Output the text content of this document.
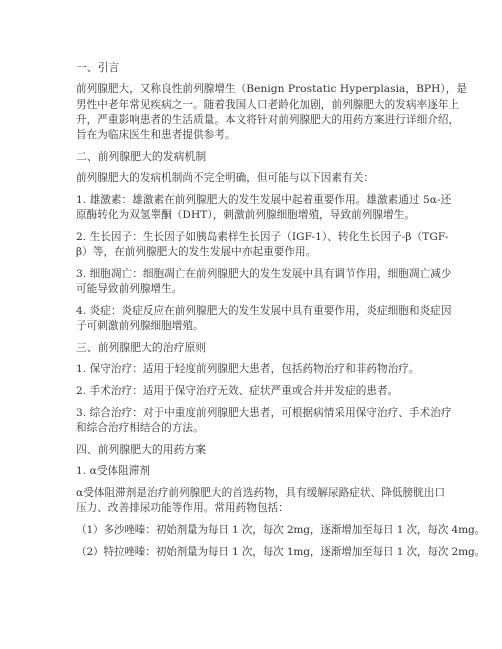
一、引言
前列腺肥大，又称良性前列腺增生（Benign Prostatic Hyperplasia，BPH），是
男性中老年常见疾病之一。随着我国人口老龄化加剧，前列腺肥大的发病率逐年上
升，严重影响患者的生活质量。本文将针对前列腺肥大的用药方案进行详细介绍，
旨在为临床医生和患者提供参考。
二、前列腺肥大的发病机制
前列腺肥大的发病机制尚不完全明确，但可能与以下因素有关：
1. 雄激素：雄激素在前列腺肥大的发生发展中起着重要作用。雄激素通过 5α-还
原酶转化为双氢睾酮（DHT），刺激前列腺细胞增殖，导致前列腺增生。
2. 生长因子：生长因子如胰岛素样生长因子（IGF-1）、转化生长因子-β（TGF-
β）等，在前列腺肥大的发生发展中亦起重要作用。
3. 细胞凋亡：细胞凋亡在前列腺肥大的发生发展中具有调节作用，细胞凋亡减少
可能导致前列腺增生。
4. 炎症：炎症反应在前列腺肥大的发生发展中具有重要作用，炎症细胞和炎症因
子可刺激前列腺细胞增殖。
三、前列腺肥大的治疗原则
1. 保守治疗：适用于轻度前列腺肥大患者，包括药物治疗和非药物治疗。
2. 手术治疗：适用于保守治疗无效、症状严重或合并并发症的患者。
3. 综合治疗：对于中重度前列腺肥大患者，可根据病情采用保守治疗、手术治疗
和综合治疗相结合的方法。
四、前列腺肥大的用药方案
1. α受体阻滞剂
α受体阻滞剂是治疗前列腺肥大的首选药物，具有缓解尿路症状、降低膀胱出口
压力、改善排尿功能等作用。常用药物包括：
（1）多沙唑嗪：初始剂量为每日 1 次，每次 2mg，逐渐增加至每日 1 次，每次 4mg。
（2）特拉唑嗪：初始剂量为每日 1 次，每次 1mg，逐渐增加至每日 1 次，每次 2mg。
